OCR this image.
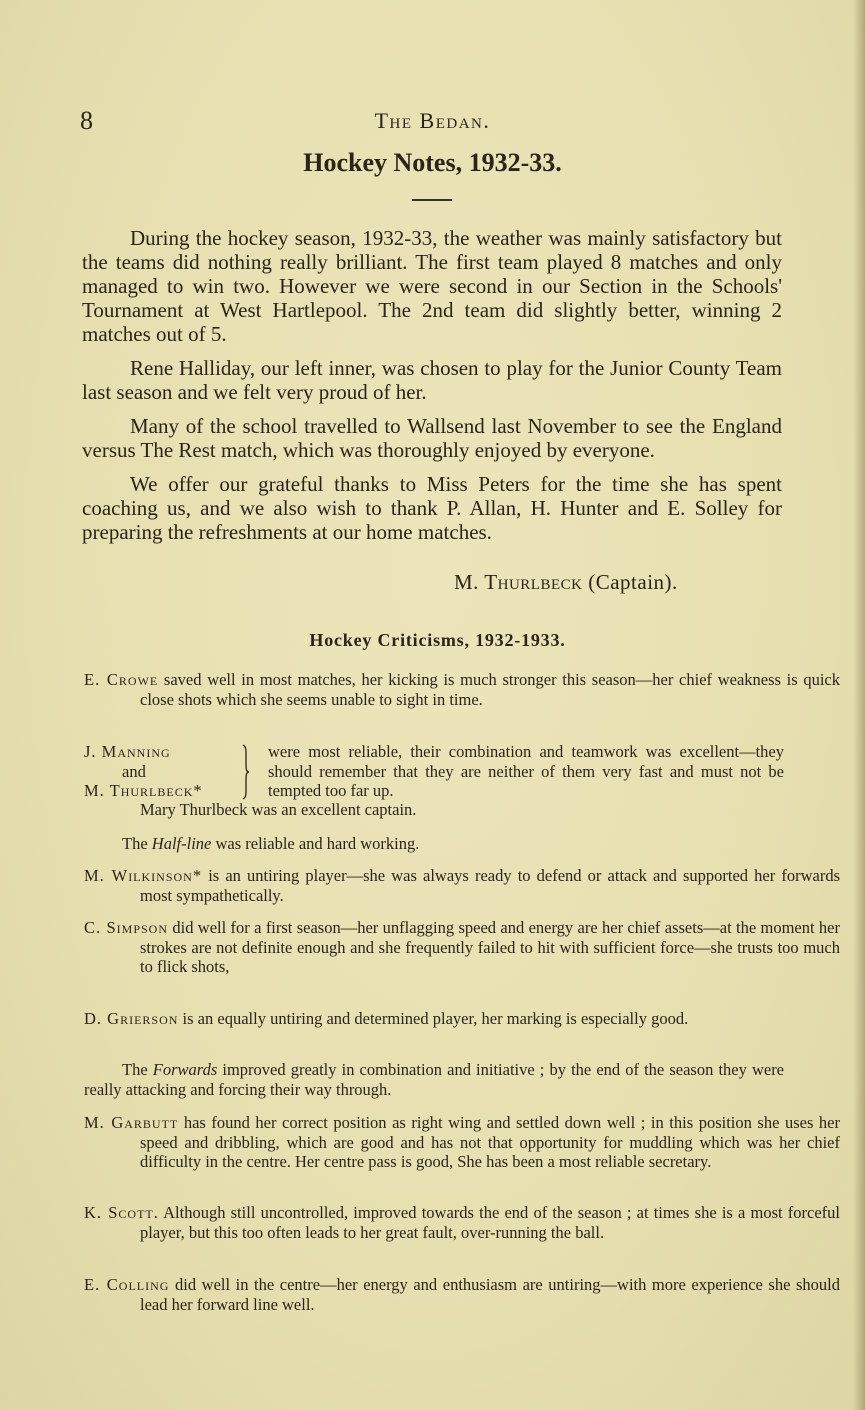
8	The Bedan.
Hockey Notes, 1932-33.

During the hockey season, 1932-33, the weather was mainly satisfactory but the teams did nothing really brilliant. The first team played 8 matches and only managed to win two. However we were second in our Section in the Schools' Tournament at West Hartlepool. The 2nd team did slightly better, winning 2 matches out of 5.

Rene Halliday, our left inner, was chosen to play for the Junior County Team last season and we felt very proud of her.

Many of the school travelled to Wallsend last November to see the England versus The Rest match, which was thoroughly enjoyed by everyone.

We offer our grateful thanks to Miss Peters for the time she has spent coaching us, and we also wish to thank P. Allan, H. Hunter and E. Solley for preparing the refreshments at our home matches.

M. Thurlbeck (Captain).
Hockey Criticisms, 1932-1933.
E. Crowe saved well in most matches, her kicking is much stronger this season—her chief weakness is quick close shots which she seems unable to sight in time.
J. Manning
and
M. Thurlbeck*
were most reliable, their combination and teamwork was excellent—they should remember that they are neither of them very fast and must not be tempted too far up.
Mary Thurlbeck was an excellent captain.
The Half-line was reliable and hard working.
M. Wilkinson* is an untiring player—she was always ready to defend or attack and supported her forwards most sympathetically.
C. Simpson did well for a first season—her unflagging speed and energy are her chief assets—at the moment her strokes are not definite enough and she frequently failed to hit with sufficient force—she trusts too much to flick shots,
D. Grierson is an equally untiring and determined player, her marking is especially good.
The Forwards improved greatly in combination and initiative ; by the end of the season they were really attacking and forcing their way through.
M. Garbutt has found her correct position as right wing and settled down well ; in this position she uses her speed and dribbling, which are good and has not that opportunity for muddling which was her chief difficulty in the centre. Her centre pass is good, She has been a most reliable secretary.
K. Scott. Although still uncontrolled, improved towards the end of the season ; at times she is a most forceful player, but this too often leads to her great fault, over-running the ball.
E. Colling did well in the centre—her energy and enthusiasm are untiring—with more experience she should lead her forward line well.
